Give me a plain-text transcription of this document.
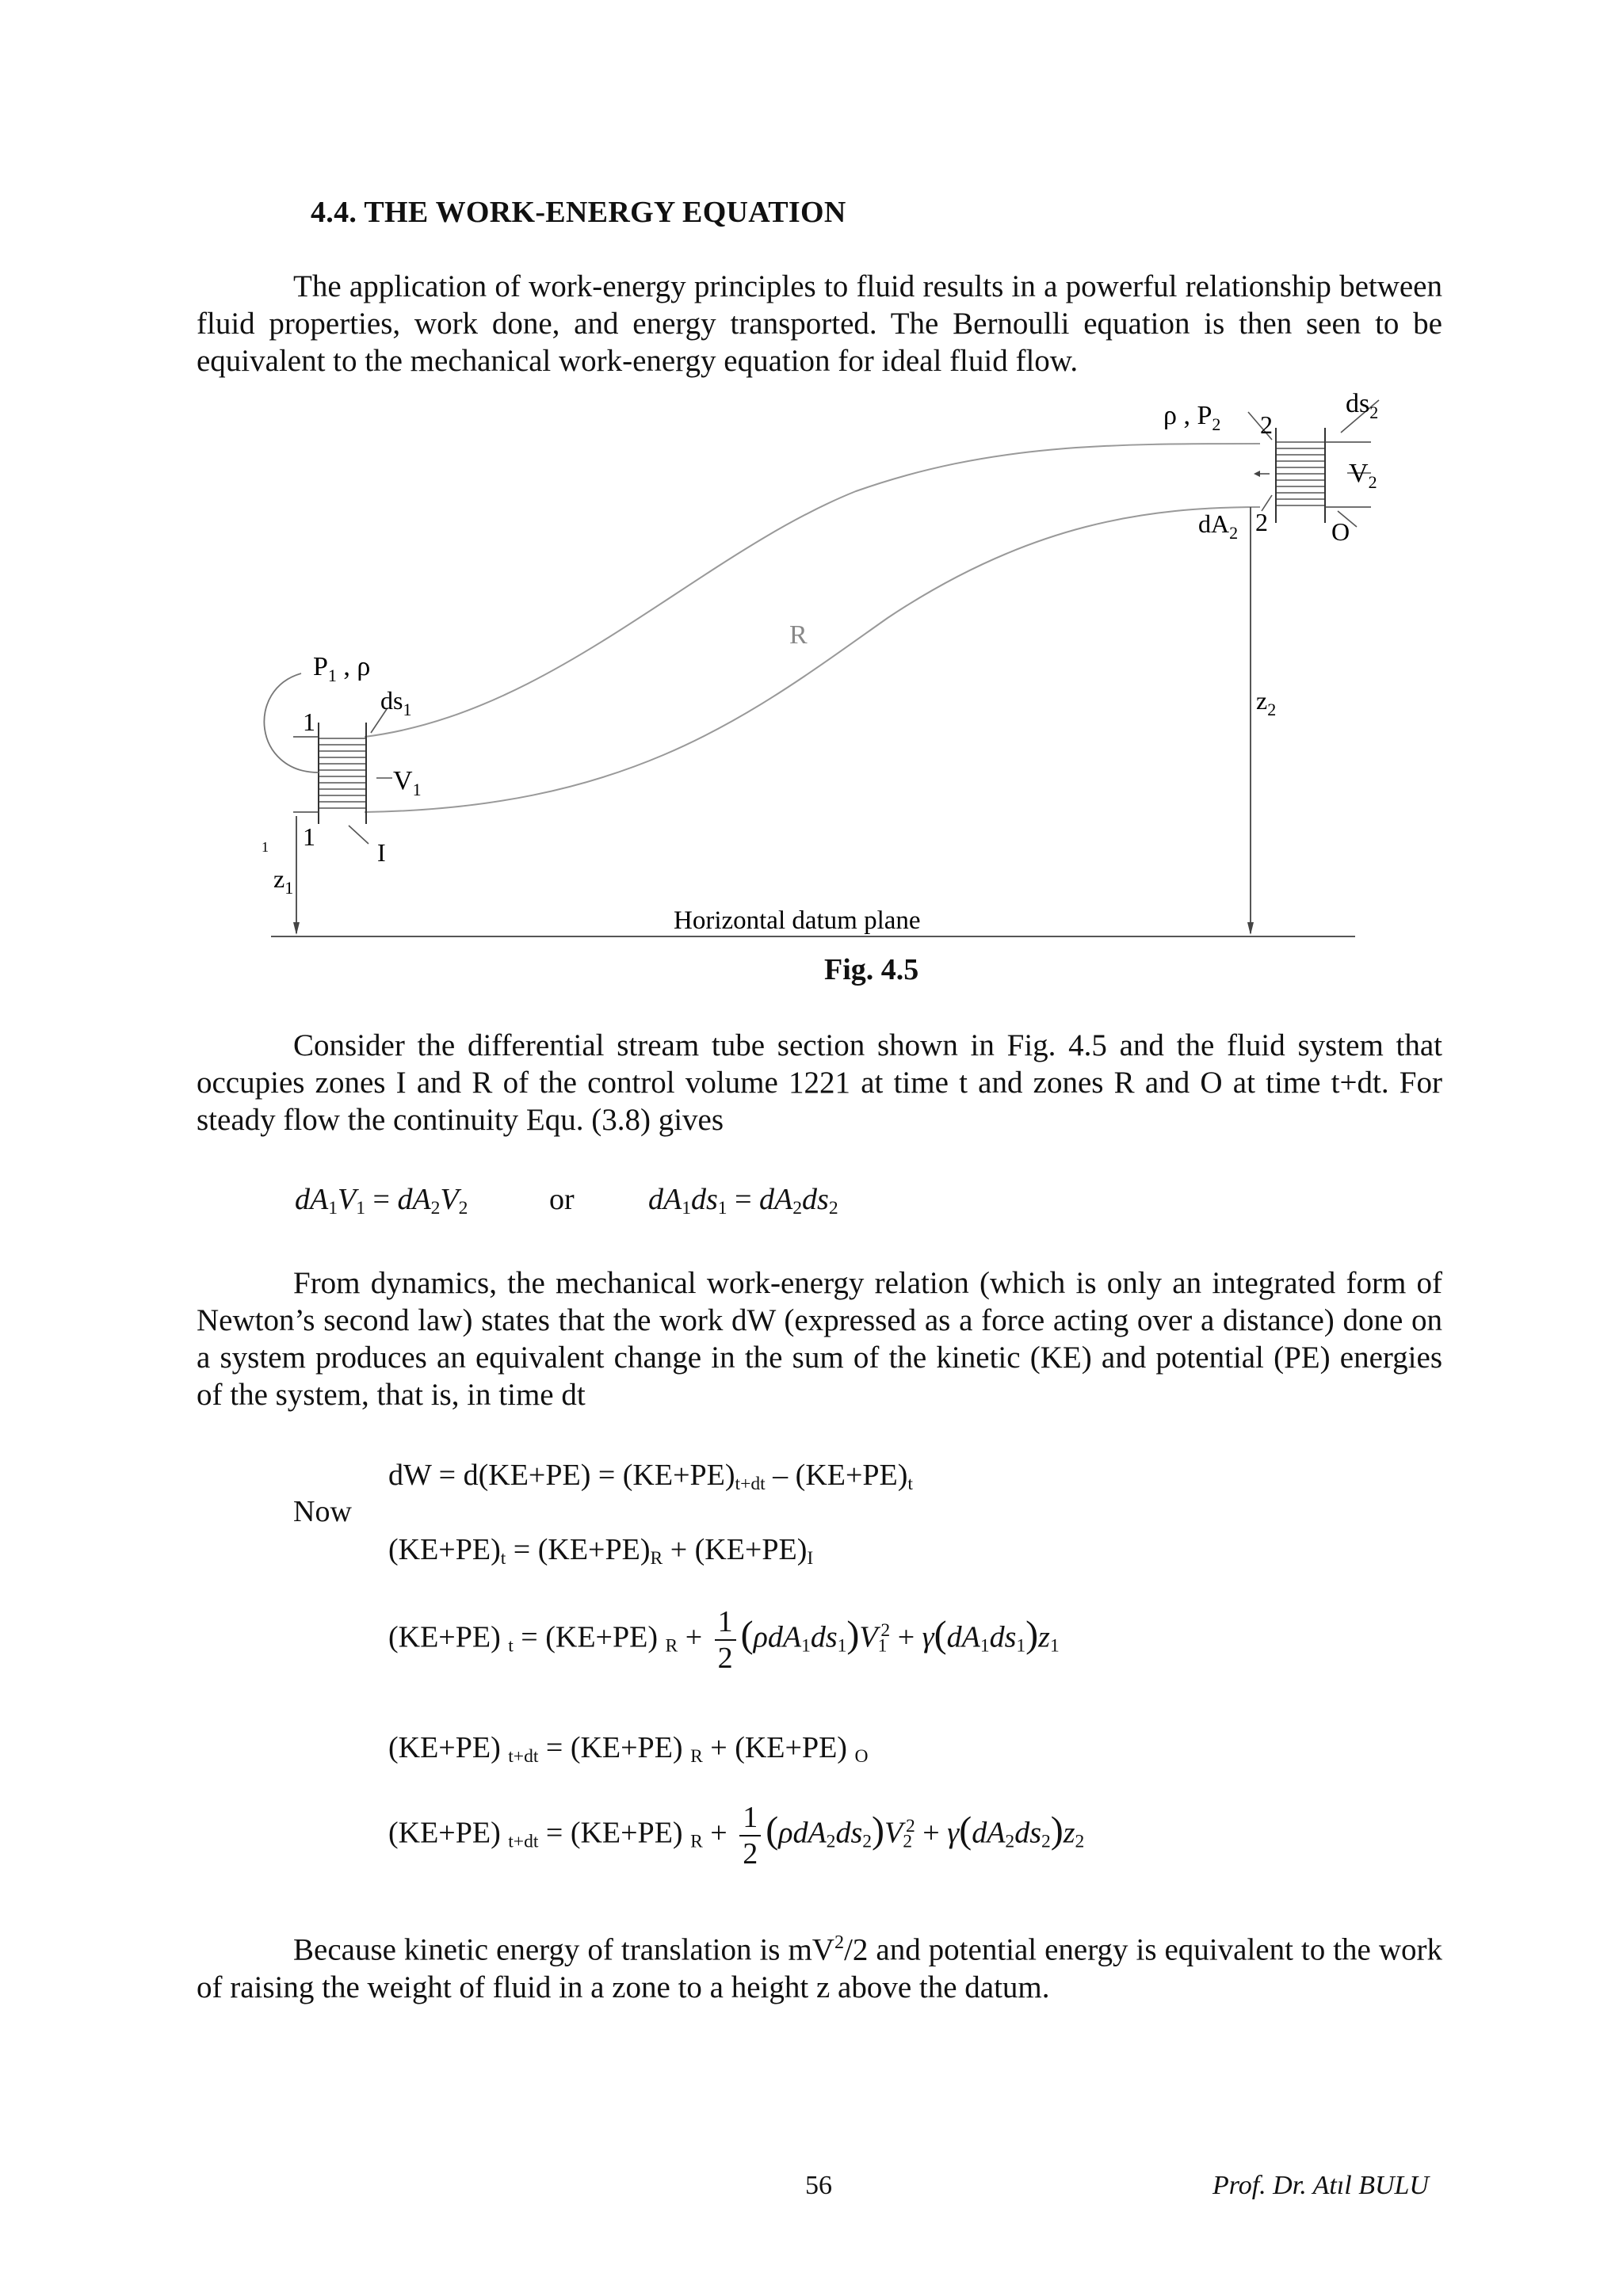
4.4. THE WORK-ENERGY EQUATION
The application of work-energy principles to fluid results in a powerful relationship between fluid properties, work done, and energy transported. The Bernoulli equation is then seen to be equivalent to the mechanical work-energy equation for ideal fluid flow.
ρ , $P_2$ 2
$ds_2$
$V_2$
$dA_2$ 2	O
R
$P_1$ , ρ
$ds_1$
1
$V_1$
1
I
1
$z_1$
$z_2$
Horizontal datum plane
Fig. 4.5
Consider the differential stream tube section shown in Fig. 4.5 and the fluid system that occupies zones I and R of the control volume 1221 at time t and zones R and O at time t+dt. For steady flow the continuity Equ. (3.8) gives
$dA_1V_1 = dA_2V_2$	or $dA_1ds_1 = dA_2ds_2$
From dynamics, the mechanical work-energy relation (which is only an integrated form of Newton’s second law) states that the work dW (expressed as a force acting over a distance) done on a system produces an equivalent change in the sum of the kinetic (KE) and potential (PE) energies of the system, that is, in time dt
dW = $d(KE+PE) = (KE+PE)_{t+dt} - (KE+PE)_t$
Now
$(KE+PE)_t = (KE+PE)_R + (KE+PE)_I$
(KE+PE) $_t$ = (KE+PE) $_R + \frac{1}{2} (\rho dA_1ds_1)V_1^2 + \gamma(dA_1ds_1)z_1$
(KE+PE) $_{t+dt}$ = (KE+PE) $_R$ + (KE+PE) $_O$
(KE+PE) $_{t+dt}$ = (KE+PE) $_R + \frac{1}{2} (\rho dA_2ds_2)V_2^2 + \gamma(dA_2ds_2)z_2$
Because kinetic energy of translation is $mV^2/2$ and potential energy is equivalent to the work of raising the weight of fluid in a zone to a height z above the datum.
56	Prof. Dr. Atıl BULU
